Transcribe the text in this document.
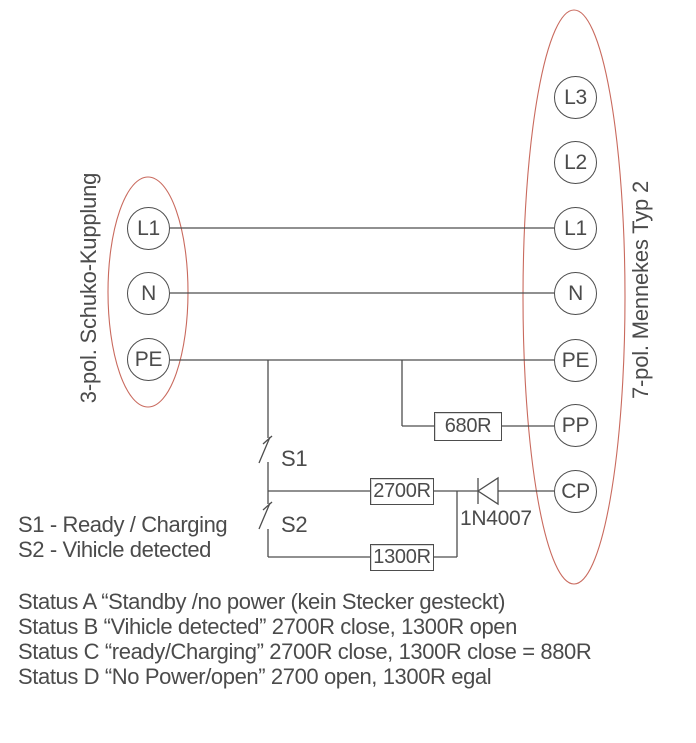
L1
N
PE
L3
L2
L1
N
PE
PP
CP
680R
2700R
1300R
3-pol. Schuko-Kupplung	7-pol. Mennekes Typ 2
S1
S2	1N4007
S1 - Ready / Charging
S2 - Vihicle detected
Status A “Standby /no power (kein Stecker gesteckt)
Status B “Vihicle detected” 2700R close, 1300R open
Status C “ready/Charging” 2700R close, 1300R close = 880R
Status D “No Power/open” 2700 open, 1300R egal
